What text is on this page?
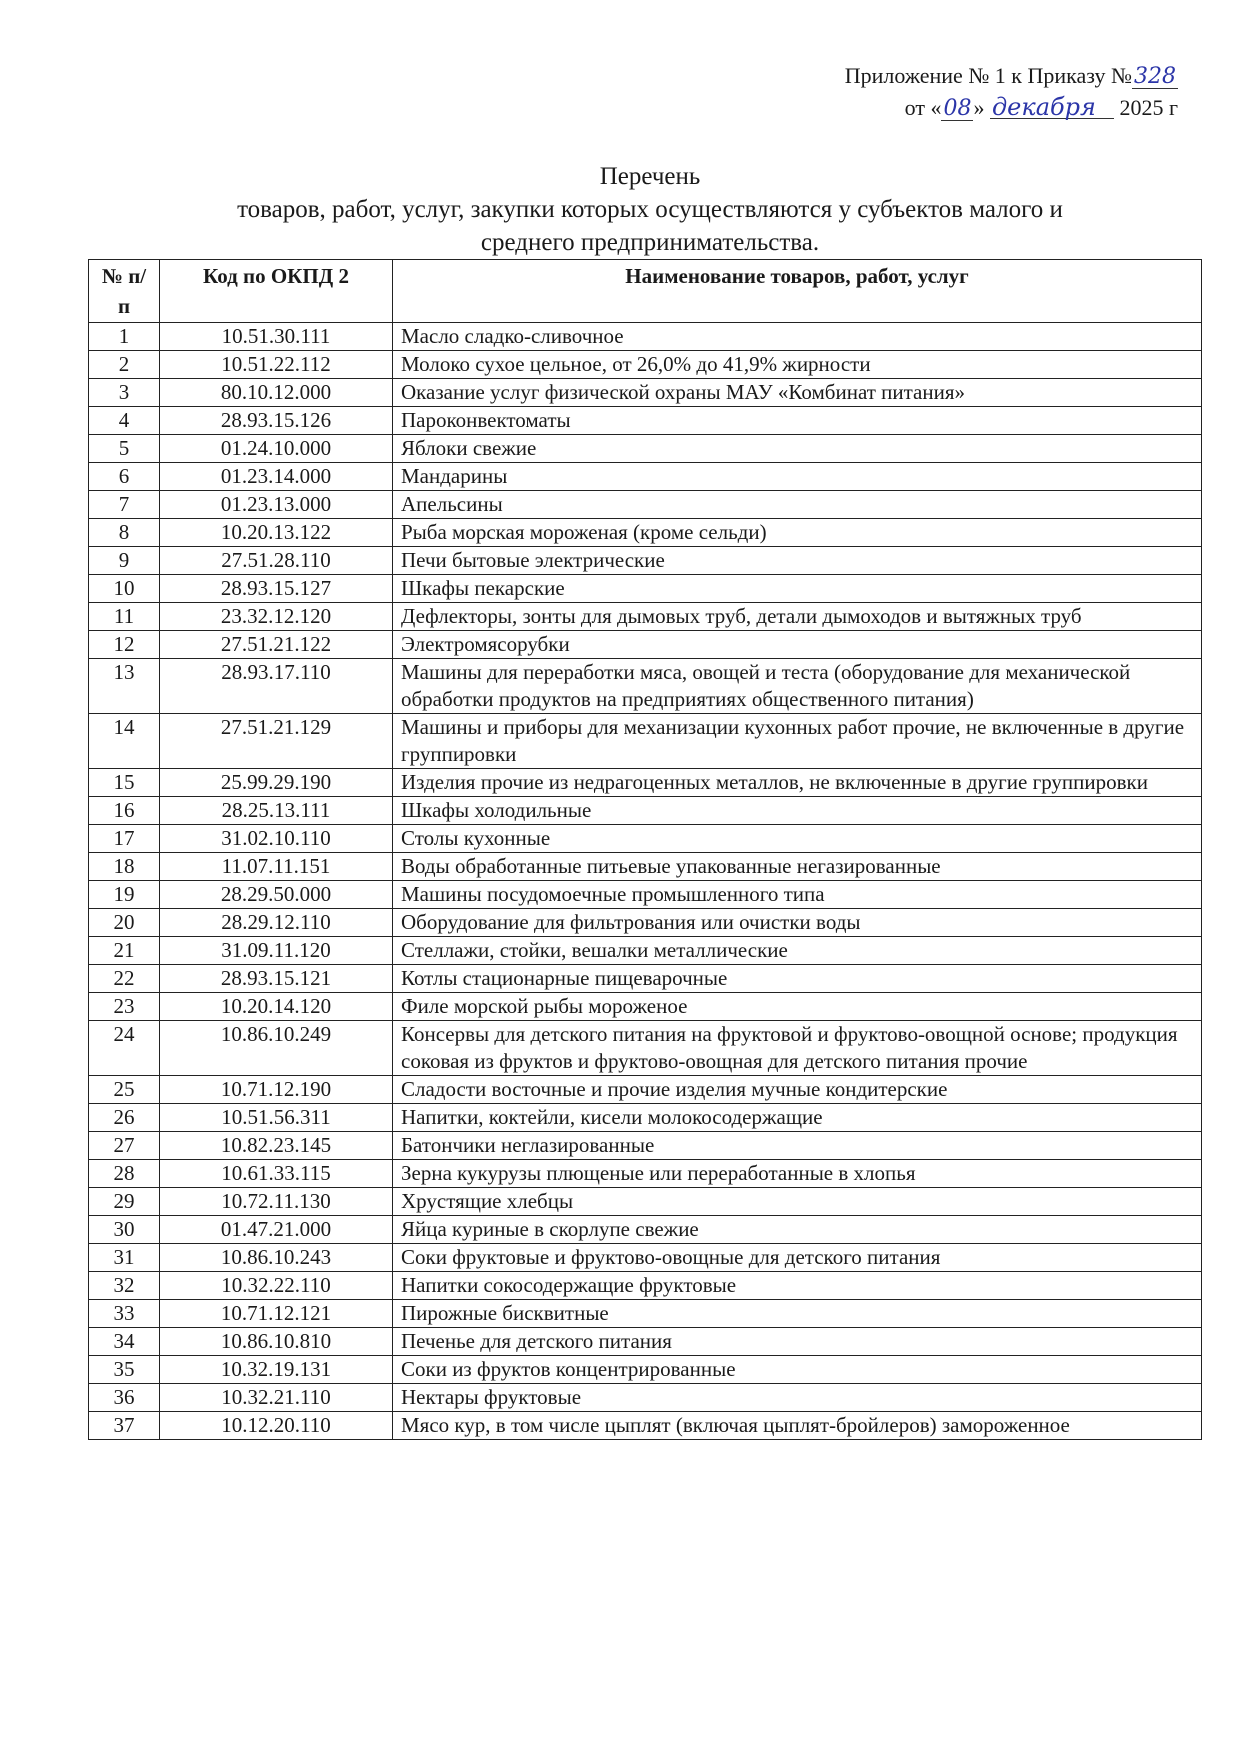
Приложение № 1 к Приказу №328
от «08» декабря 2025 г
Перечень
товаров, работ, услуг, закупки которых осуществляются у субъектов малого и
среднего предпринимательства.
№ п/п	Код по ОКПД 2	Наименование товаров, работ, услуг
1	10.51.30.111	Масло сладко-сливочное
2	10.51.22.112	Молоко сухое цельное, от 26,0% до 41,9% жирности
3	80.10.12.000	Оказание услуг физической охраны МАУ «Комбинат питания»
4	28.93.15.126	Пароконвектоматы
5	01.24.10.000	Яблоки свежие
6	01.23.14.000	Мандарины
7	01.23.13.000	Апельсины
8	10.20.13.122	Рыба морская мороженая (кроме сельди)
9	27.51.28.110	Печи бытовые электрические
10	28.93.15.127	Шкафы пекарские
11	23.32.12.120	Дефлекторы, зонты для дымовых труб, детали дымоходов и вытяжных труб
12	27.51.21.122	Электромясорубки
13	28.93.17.110	Машины для переработки мяса, овощей и теста (оборудование для механической обработки продуктов на предприятиях общественного питания)
14	27.51.21.129	Машины и приборы для механизации кухонных работ прочие, не включенные в другие группировки
15	25.99.29.190	Изделия прочие из недрагоценных металлов, не включенные в другие группировки
16	28.25.13.111	Шкафы холодильные
17	31.02.10.110	Столы кухонные
18	11.07.11.151	Воды обработанные питьевые упакованные негазированные
19	28.29.50.000	Машины посудомоечные промышленного типа
20	28.29.12.110	Оборудование для фильтрования или очистки воды
21	31.09.11.120	Стеллажи, стойки, вешалки металлические
22	28.93.15.121	Котлы стационарные пищеварочные
23	10.20.14.120	Филе морской рыбы мороженое
24	10.86.10.249	Консервы для детского питания на фруктовой и фруктово-овощной основе; продукция соковая из фруктов и фруктово-овощная для детского питания прочие
25	10.71.12.190	Сладости восточные и прочие изделия мучные кондитерские
26	10.51.56.311	Напитки, коктейли, кисели молокосодержащие
27	10.82.23.145	Батончики неглазированные
28	10.61.33.115	Зерна кукурузы плющеные или переработанные в хлопья
29	10.72.11.130	Хрустящие хлебцы
30	01.47.21.000	Яйца куриные в скорлупе свежие
31	10.86.10.243	Соки фруктовые и фруктово-овощные для детского питания
32	10.32.22.110	Напитки сокосодержащие фруктовые
33	10.71.12.121	Пирожные бисквитные
34	10.86.10.810	Печенье для детского питания
35	10.32.19.131	Соки из фруктов концентрированные
36	10.32.21.110	Нектары фруктовые
37	10.12.20.110	Мясо кур, в том числе цыплят (включая цыплят-бройлеров) замороженное
